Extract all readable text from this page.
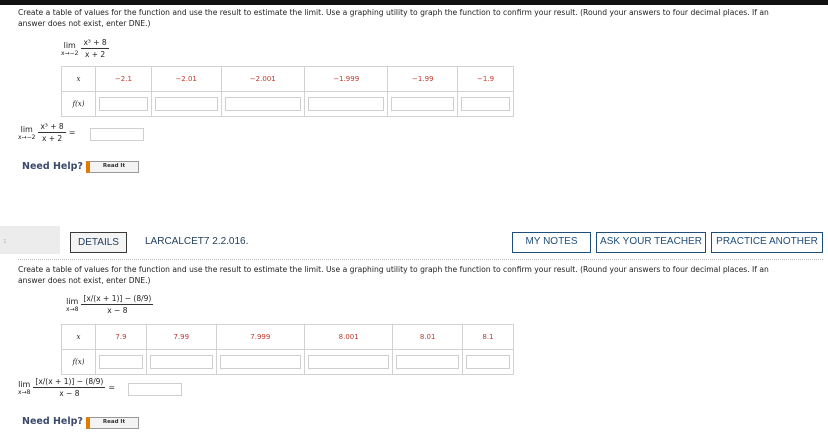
Create a table of values for the function and use the result to estimate the limit. Use a graphing utility to graph the function to confirm your result. (Round your answers to four decimal places. If an
answer does not exist, enter DNE.)
lim
$x\to-2 \frac{\text{x³ + 8}}{x + 2}$
x	−2.1	−2.01	−2.001	−1.999	−1.99	−1.9
f(x)	

lim
$x\to-2 \frac{\text{x³ + 8}}{x + 2}$ =
Need Help?	Read It
⁝	DETAILS	LARCALCET7 2.2.016.	MY NOTES	ASK YOUR TEACHER	PRACTICE ANOTHER
Create a table of values for the function and use the result to estimate the limit. Use a graphing utility to graph the function to confirm your result. (Round your answers to four decimal places. If an
answer does not exist, enter DNE.)
lim
$x\to 8 \frac{[x/(x + 1)] - (8/9)}{x - 8}$
x	7.9	7.99	7.999	8.001	8.01	8.1
f(x)	

lim
$x\to 8 \frac{[x/(x + 1)] - (8/9)}{x - 8}$ =
Need Help?	Read It
